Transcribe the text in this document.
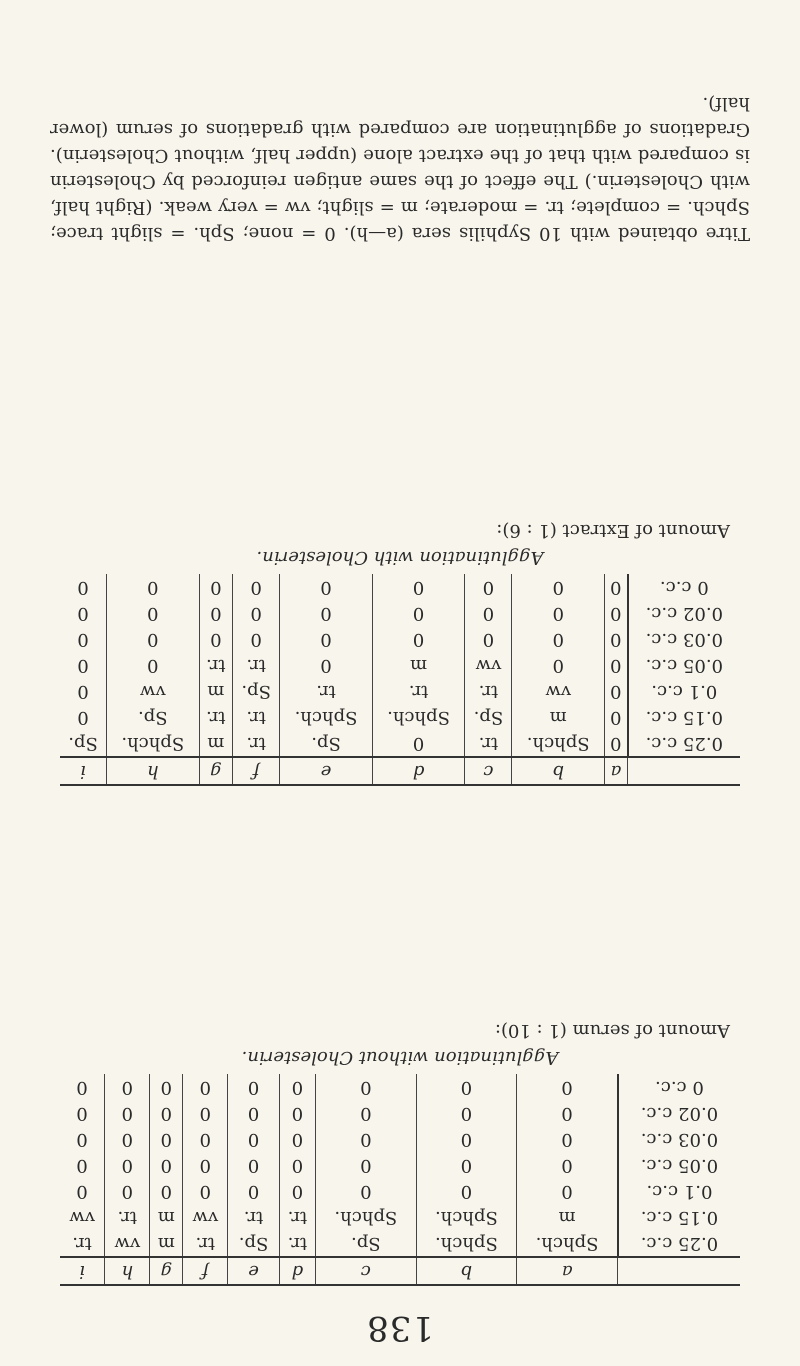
138
	a	b	c	d	e	f	g	h	i
0.25 c.c.	Sphch.	Sphch.	Sp.	tr.	Sp.	tr.	m	vw	tr.
0.15 c.c.	m	Sphch.	Sphch.	tr.	tr.	vw	m	tr.	vw
0.1 c.c.	0	0	0	0	0	0	0	0	0
0.05 c.c.	0	0	0	0	0	0	0	0	0
0.03 c.c.	0	0	0	0	0	0	0	0	0
0.02 c.c.	0	0	0	0	0	0	0	0	0
0 c.c.	0	0	0	0	0	0	0	0	0
Agglutination without Cholesterin.
Amount of serum (1 : 10):
	a	b	c	d	e	f	g	h	i
0.25 c.c.	0	Sphch.	tr.	0	Sp.	tr.	m	Sphch.	Sp.
0.15 c.c.	0	m	Sp.	Sphch.	Sphch.	tr.	tr.	Sp.	0
0.1 c.c.	0	vw	tr.	tr.	tr.	Sp.	m	vw	0
0.05 c.c.	0	0	vw	m	0	tr.	tr.	0	0
0.03 c.c.	0	0	0	0	0	0	0	0	0
0.02 c.c.	0	0	0	0	0	0	0	0	0
0 c.c.	0	0	0	0	0	0	0	0	0
Agglutination with Cholesterin.
Amount of Extract (1 : 6):
Titre obtained with 10 Syphilis sera (a—h). 0 = none; Sph. = slight trace; Sphch. = complete; tr. = moderate; m = slight; vw = very weak. (Right half, with Cholesterin.) The effect of the same antigen reinforced by Cholesterin is compared with that of the extract alone (upper half, without Cholesterin). Gradations of agglutination are compared with gradations of serum (lower half).
